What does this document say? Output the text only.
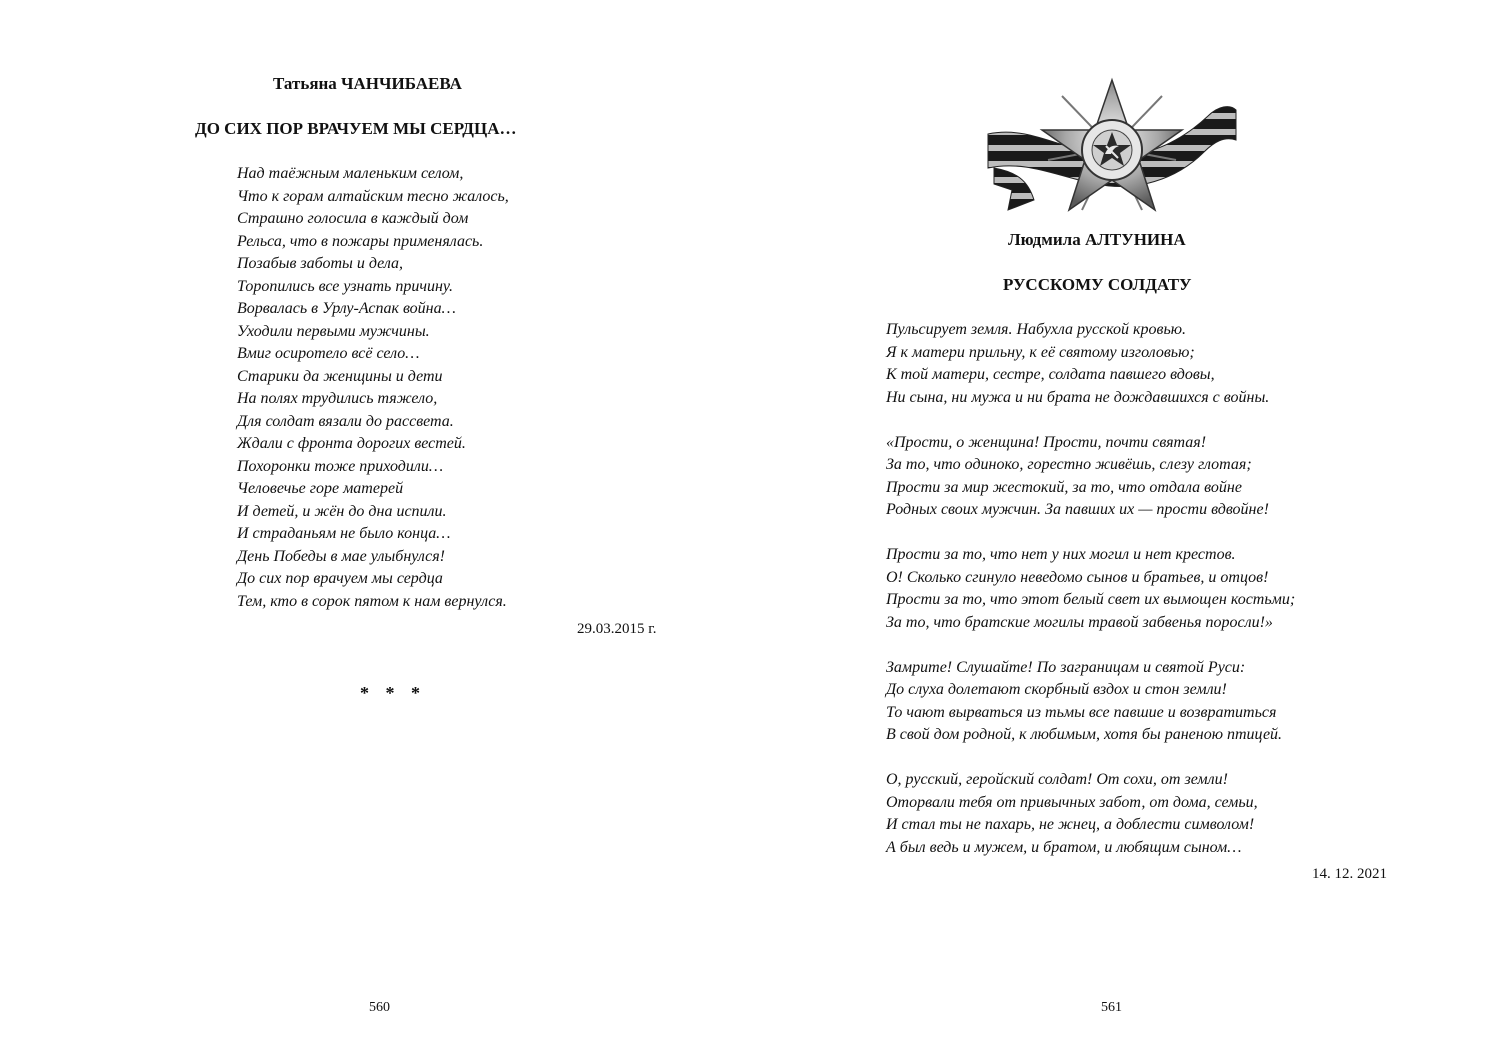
Татьяна ЧАНЧИБАЕВА
ДО СИХ ПОР ВРАЧУЕМ МЫ СЕРДЦА…
Над таёжным маленьким селом,
Что к горам алтайским тесно жалось,
Страшно голосила в каждый дом
Рельса, что в пожары применялась.
Позабыв заботы и дела,
Торопились все узнать причину.
Ворвалась в Урлу-Аспак война…
Уходили первыми мужчины.
Вмиг осиротело всё село…
Старики да женщины и дети
На полях трудились тяжело,
Для солдат вязали до рассвета.
Ждали с фронта дорогих вестей.
Похоронки тоже приходили…
Человечье горе матерей
И детей, и жён до дна испили.
И страданьям не было конца…
День Победы в мае улыбнулся!
До сих пор врачуем мы сердца
Тем, кто в сорок пятом к нам вернулся.
29.03.2015 г.
* * *
560
Людмила АЛТУНИНА
РУССКОМУ СОЛДАТУ
Пульсирует земля. Набухла русской кровью.
Я к матери прильну, к её святому изголовью;
К той матери, сестре, солдата павшего вдовы,
Ни сына, ни мужа и ни брата не дождавшихся с войны.
«Прости, о женщина! Прости, почти святая!
За то, что одиноко, горестно живёшь, слезу глотая;
Прости за мир жестокий, за то, что отдала войне
Родных своих мужчин. За павших их — прости вдвойне!
Прости за то, что нет у них могил и нет крестов.
О! Сколько сгинуло неведомо сынов и братьев, и отцов!
Прости за то, что этот белый свет их вымощен костьми;
За то, что братские могилы травой забвенья поросли!»
Замрите! Слушайте! По заграницам и святой Руси:
До слуха долетают скорбный вздох и стон земли!
То чают вырваться из тьмы все павшие и возвратиться
В свой дом родной, к любимым, хотя бы раненою птицей.
О, русский, геройский солдат! От сохи, от земли!
Оторвали тебя от привычных забот, от дома, семьи,
И стал ты не пахарь, не жнец, а доблести символом!
А был ведь и мужем, и братом, и любящим сыном…
14. 12. 2021
561
